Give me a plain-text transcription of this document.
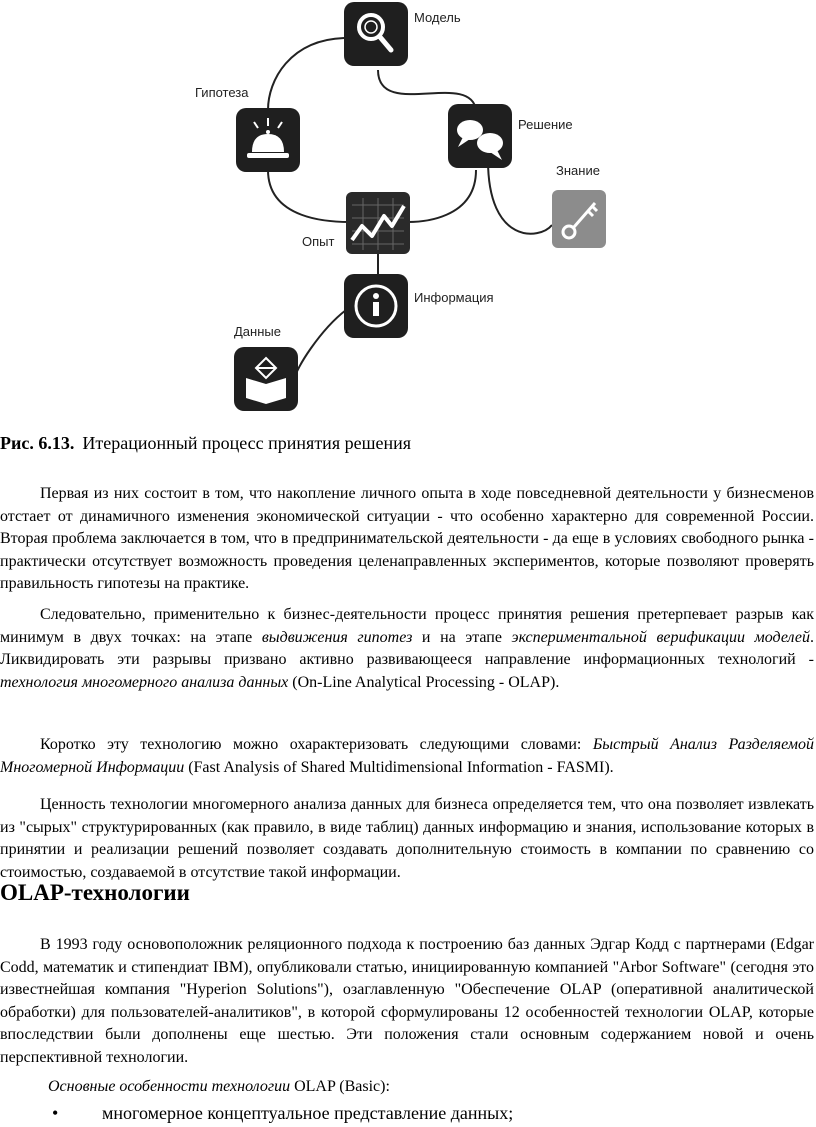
Модель
Гипотеза
Решение
Знание
Опыт
Информация
Данные
Рис. 6.13. Итерационный процесс принятия решения

Первая из них состоит в том, что накопление личного опыта в ходе повседневной деятельности у бизнесменов отстает от динамичного изменения экономической ситуации - что особенно характерно для современной России. Вторая проблема заключается в том, что в предпринимательской деятельности - да еще в условиях свободного рынка - практически отсутствует возможность проведения целенаправленных экспериментов, которые позволяют проверять правильность гипотезы на практике.

Следовательно, применительно к бизнес-деятельности процесс принятия решения претерпевает разрыв как минимум в двух точках: на этапе выдвижения гипотез и на этапе экспериментальной верификации моделей. Ликвидировать эти разрывы призвано активно развивающееся направление информационных технологий - технология многомерного анализа данных (On-Line Analytical Processing - OLAP).

Коротко эту технологию можно охарактеризовать следующими словами: Быстрый Анализ Разделяемой Многомерной Информации (Fast Analysis of Shared Multidimensional Information - FASMI).

Ценность технологии многомерного анализа данных для бизнеса определяется тем, что она позволяет извлекать из "сырых" структурированных (как правило, в виде таблиц) данных информацию и знания, использование которых в принятии и реализации решений позволяет создавать дополнительную стоимость в компании по сравнению со стоимостью, создаваемой в отсутствие такой информации.

OLAP-технологии

В 1993 году основоположник реляционного подхода к построению баз данных Эдгар Кодд с партнерами (Edgar Codd, математик и стипендиат IBM), опубликовали статью, инициированную компанией "Arbor Software" (сегодня это известнейшая компания "Hyperion Solutions"), озаглавленную "Обеспечение OLAP (оперативной аналитической обработки) для пользователей-аналитиков", в которой сформулированы 12 особенностей технологии OLAP, которые впоследствии были дополнены еще шестью. Эти положения стали основным содержанием новой и очень перспективной технологии.

Основные особенности технологии OLAP (Basic):
• многомерное концептуальное представление данных;
